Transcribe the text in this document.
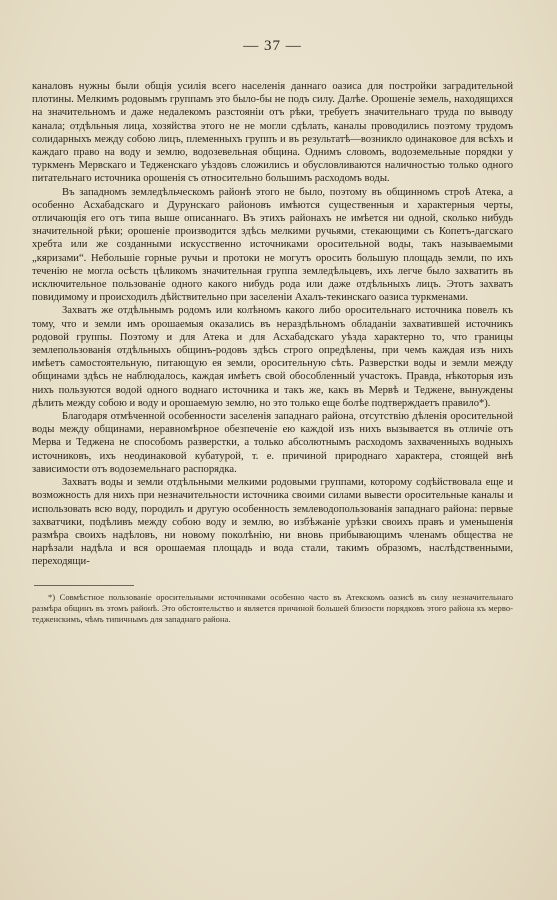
— 37 —

каналовъ нужны были общія усилія всего населенія даннаго оазиса для постройки заградительной плотины. Мелкимъ родовымъ группамъ это было-бы не подъ силу. Далѣе. Орошеніе земель, находящихся на значительномъ и даже недалекомъ разстояніи отъ рѣки, требуетъ значительнаго труда по выводу канала; отдѣльныя лица, хозяйства этого не не могли сдѣлать, каналы проводились поэтому трудомъ солидарныхъ между собою лицъ, племенныхъ группъ и въ результатѣ—возникло одинаковое для всѣхъ и каждаго право на воду и землю, водозевельная община. Однимъ словомъ, водоземельные порядки у туркменъ Мервскаго и Тедженскаго уѣздовъ сложились и обусловливаются наличностью только одного питательнаго источника орошенія съ относительно большимъ расходомъ воды.

Въ западномъ земледѣльческомъ районѣ этого не было, поэтому въ общинномъ строѣ Атека, а особенно Асхабадскаго и Дурунскаго районовъ имѣются существенныя и характерныя черты, отличающія его отъ типа выше описаннаго. Въ этихъ районахъ не имѣется ни одной, сколько нибудь значительной рѣки; орошеніе производится здѣсь мелкими ручьями, стекающими съ Копетъ-дагскаго хребта или же созданными искусственно источниками оросительной воды, такъ называемыми „кяризами“. Небольшіе горные ручьи и протоки не могутъ оросить большую площадь земли, по ихъ теченію не могла осѣсть цѣликомъ значительная группа земледѣльцевъ, ихъ легче было захватить въ исключительное пользованіе одного какого нибудь рода или даже отдѣльныхъ лицъ. Этотъ захватъ повидимому и происходилъ дѣйствительно при заселеніи Ахалъ-текинскаго оазиса туркменами.

Захватъ же отдѣльнымъ родомъ или колѣномъ какого либо оросительнаго источника повелъ къ тому, что и земли имъ орошаемыя оказались въ нераздѣльномъ обладаніи захватившей источникъ родовой группы. Поэтому и для Атека и для Асхабадскаго уѣзда характерно то, что границы землепользованія отдѣльныхъ общинъ-родовъ здѣсь строго опредѣлены, при чемъ каждая изъ нихъ имѣетъ самостоятельную, питающую ея земли, оросительную сѣть. Разверстки воды и земли между общинами здѣсь не наблюдалось, каждая имѣетъ свой обособленный участокъ. Правда, нѣкоторыя изъ нихъ пользуются водой одного воднаго источника и такъ же, какъ въ Мервѣ и Теджене, вынуждены дѣлить между собою и воду и орошаемую землю, но это только еще болѣе подтверждаетъ правило*).

Благодаря отмѣченной особенности заселенія западнаго района, отсутствію дѣленія оросительной воды между общинами, неравномѣрное обезпеченіе ею каждой изъ нихъ вызывается въ отличіе отъ Мерва и Теджена не способомъ разверстки, а только абсолютнымъ расходомъ захваченныхъ водныхъ источниковъ, ихъ неодинаковой кубатурой, т. е. причиной природнаго характера, стоящей внѣ зависимости отъ водоземельнаго распорядка.

Захватъ воды и земли отдѣльными мелкими родовыми группами, которому содѣйствовала еще и возможность для нихъ при незначительности источника своими силами вывести оросительные каналы и использовать всю воду, породилъ и другую особенность землеводопользованія западнаго района: первые захватчики, подѣливъ между собою воду и землю, во избѣжаніе урѣзки своихъ правъ и уменьшенія размѣра своихъ надѣловъ, ни новому поколѣнію, ни вновь прибывающимъ членамъ общества не нарѣзали надѣла и вся орошаемая площадь и вода стали, такимъ образомъ, наслѣдственными, переходящи-

*) Совмѣстное пользованіе оросительными источниками особенно часто въ Атекскомъ оазисѣ въ силу незначительнаго размѣра общинъ въ этомъ районѣ. Это обстоятельство и является причиной большей близости порядковъ этого района къ мерво-тедженскимъ, чѣмъ типичнымъ для западнаго района.
